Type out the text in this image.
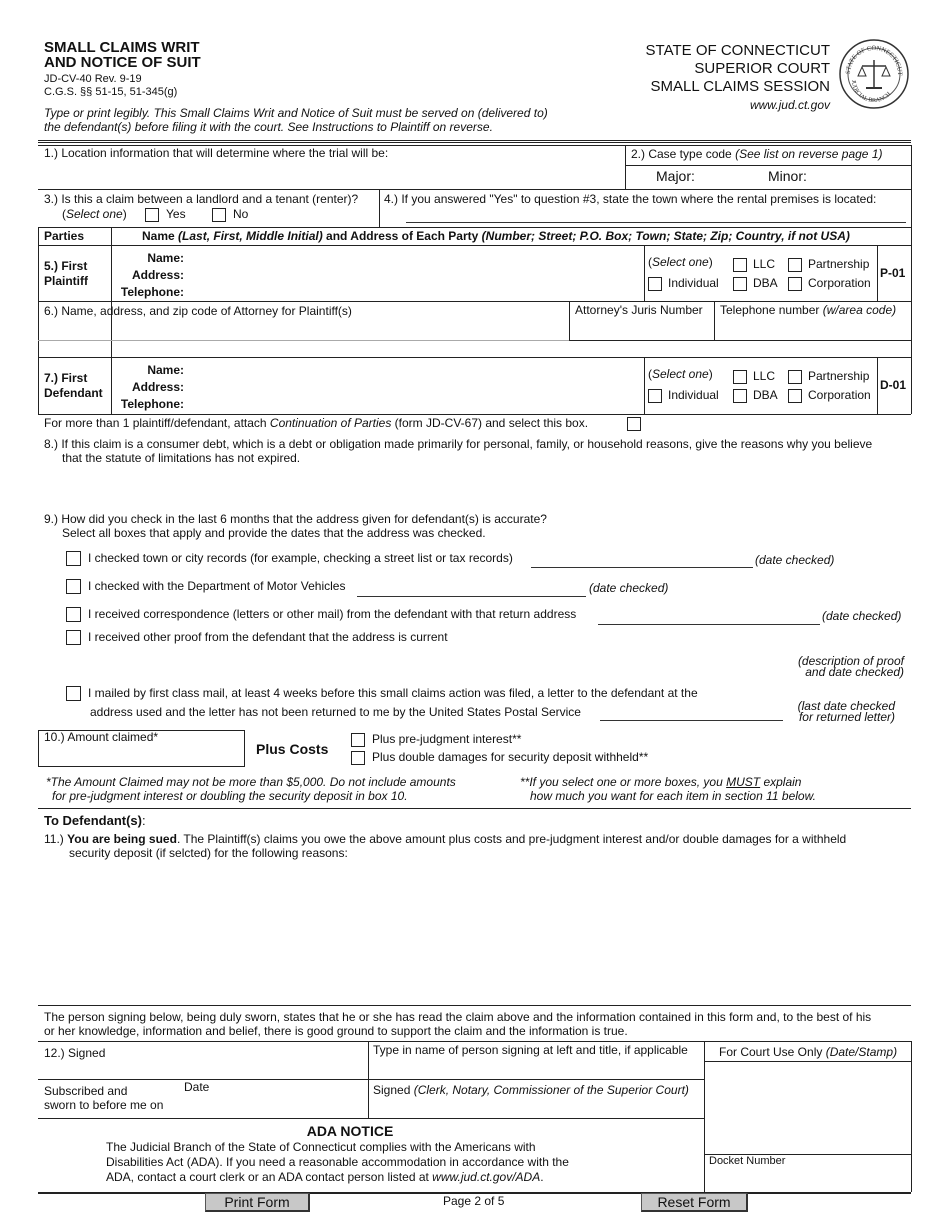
SMALL CLAIMS WRIT
AND NOTICE OF SUIT
JD-CV-40 Rev. 9-19
C.G.S. §§ 51-15, 51-345(g)
Type or print legibly. This Small Claims Writ and Notice of Suit must be served on (delivered to)
the defendant(s) before filing it with the court. See Instructions to Plaintiff on reverse.
STATE OF CONNECTICUT
SUPERIOR COURT
SMALL CLAIMS SESSION
www.jud.ct.gov
STATE OF CONNECTICUT
JUDICIAL BRANCH
1.) Location information that will determine where the trial will be:	2.) Case type code (See list on reverse page 1)
Major:	Minor:
3.) Is this a claim between a landlord and a tenant (renter)?
(Select one)	Yes	No
4.) If you answered "Yes" to question #3, state the town where the rental premises is located:
Parties	Name (Last, First, Middle Initial) and Address of Each Party (Number; Street; P.O. Box; Town; State; Zip; Country, if not USA)
5.) First
Plaintiff
Name:
Address:
Telephone:
(Select one)
Individual
LLC
DBA
Partnership
Corporation
P-01
6.) Name, address, and zip code of Attorney for Plaintiff(s)	Attorney's Juris Number Telephone number (w/area code)
7.) First
Defendant
Name:
Address:
Telephone:
(Select one)
Individual
LLC
DBA
Partnership
Corporation
D-01
For more than 1 plaintiff/defendant, attach Continuation of Parties (form JD-CV-67) and select this box.
8.) If this claim is a consumer debt, which is a debt or obligation made primarily for personal, family, or household reasons, give the reasons why you believe
that the statute of limitations has not expired.
9.) How did you check in the last 6 months that the address given for defendant(s) is accurate?
Select all boxes that apply and provide the dates that the address was checked.
I checked town or city records (for example, checking a street list or tax records)	(date checked)
I checked with the Department of Motor Vehicles	(date checked)
I received correspondence (letters or other mail) from the defendant with that return address	(date checked)
I received other proof from the defendant that the address is current
(description of proof
and date checked)
I mailed by first class mail, at least 4 weeks before this small claims action was filed, a letter to the defendant at the
address used and the letter has not been returned to me by the United States Postal Service	(last date checked
for returned letter)
10.) Amount claimed*
Plus Costs
Plus pre-judgment interest**
Plus double damages for security deposit withheld**
*The Amount Claimed may not be more than $5,000. Do not include amounts
for pre-judgment interest or doubling the security deposit in box 10.
**If you select one or more boxes, you MUST explain
how much you want for each item in section 11 below.
To Defendant(s):
11.) You are being sued. The Plaintiff(s) claims you owe the above amount plus costs and pre-judgment interest and/or double damages for a withheld
security deposit (if selcted) for the following reasons:
The person signing below, being duly sworn, states that he or she has read the claim above and the information contained in this form and, to the best of his
or her knowledge, information and belief, there is good ground to support the claim and the information is true.
12.) Signed	Type in name of person signing at left and title, if applicable	For Court Use Only (Date/Stamp)
Subscribed and
sworn to before me on
Date	Signed (Clerk, Notary, Commissioner of the Superior Court)
Docket Number
ADA NOTICE
The Judicial Branch of the State of Connecticut complies with the Americans with
Disabilities Act (ADA). If you need a reasonable accommodation in accordance with the
ADA, contact a court clerk or an ADA contact person listed at www.jud.ct.gov/ADA.
Print Form	Page 2 of 5	Reset Form
